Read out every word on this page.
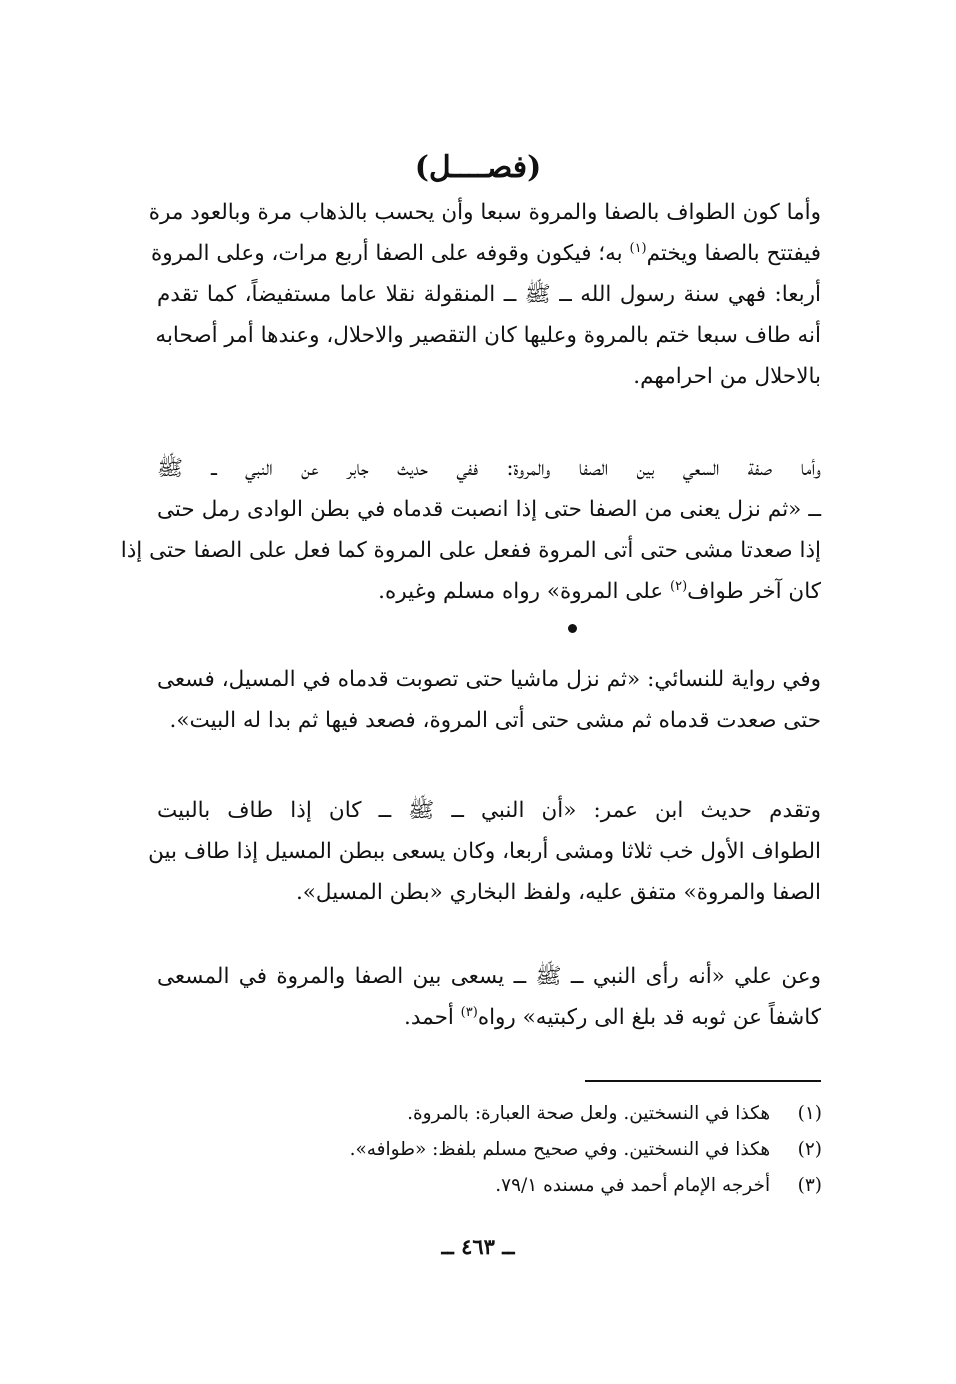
(فصــــل)
وأما كون الطواف بالصفا والمروة سبعا وأن يحسب بالذهاب مرة وبالعود مرة
فيفتتح بالصفا ويختم$^{(١)}$ به؛ فيكون وقوفه على الصفا أربع مرات، وعلى المروة
أربعا: فهي سنة رسول الله ــ ﷺ ــ المنقولة نقلا عاما مستفيضاً، كما تقدم
أنه طاف سبعا ختم بالمروة وعليها كان التقصير والاحلال، وعندها أمر أصحابه
بالاحلال من احرامهم.
وأما صفة السعي بين الصفا والمروة: ففي حديث جابر عن النبي ــ ﷺ
ــ «ثم نزل يعنى من الصفا حتى إذا انصبت قدماه في بطن الوادى رمل حتى
إذا صعدتا مشى حتى أتى المروة ففعل على المروة كما فعل على الصفا حتى إذا
كان آخر طواف$^{(٢)}$ على المروة» رواه مسلم وغيره.
وفي رواية للنسائي: «ثم نزل ماشيا حتى تصوبت قدماه في المسيل، فسعى
حتى صعدت قدماه ثم مشى حتى أتى المروة، فصعد فيها ثم بدا له البيت».
وتقدم حديث ابن عمر: «أن النبي ــ ﷺ ــ كان إذا طاف بالبيت
الطواف الأول خب ثلاثا ومشى أربعا، وكان يسعى ببطن المسيل إذا طاف بين
الصفا والمروة» متفق عليه، ولفظ البخاري «بطن المسيل».
وعن علي «أنه رأى النبي ــ ﷺ ــ يسعى بين الصفا والمروة في المسعى
كاشفاً عن ثوبه قد بلغ الى ركبتيه» رواه$^{(٣)}$ أحمد.
(١) هكذا في النسختين. ولعل صحة العبارة: بالمروة.
(٢) هكذا في النسختين. وفي صحيح مسلم بلفظ: «طوافه».
(٣) أخرجه الإمام أحمد في مسنده ٧٩/١.
ــ ٤٦٣ ــ
